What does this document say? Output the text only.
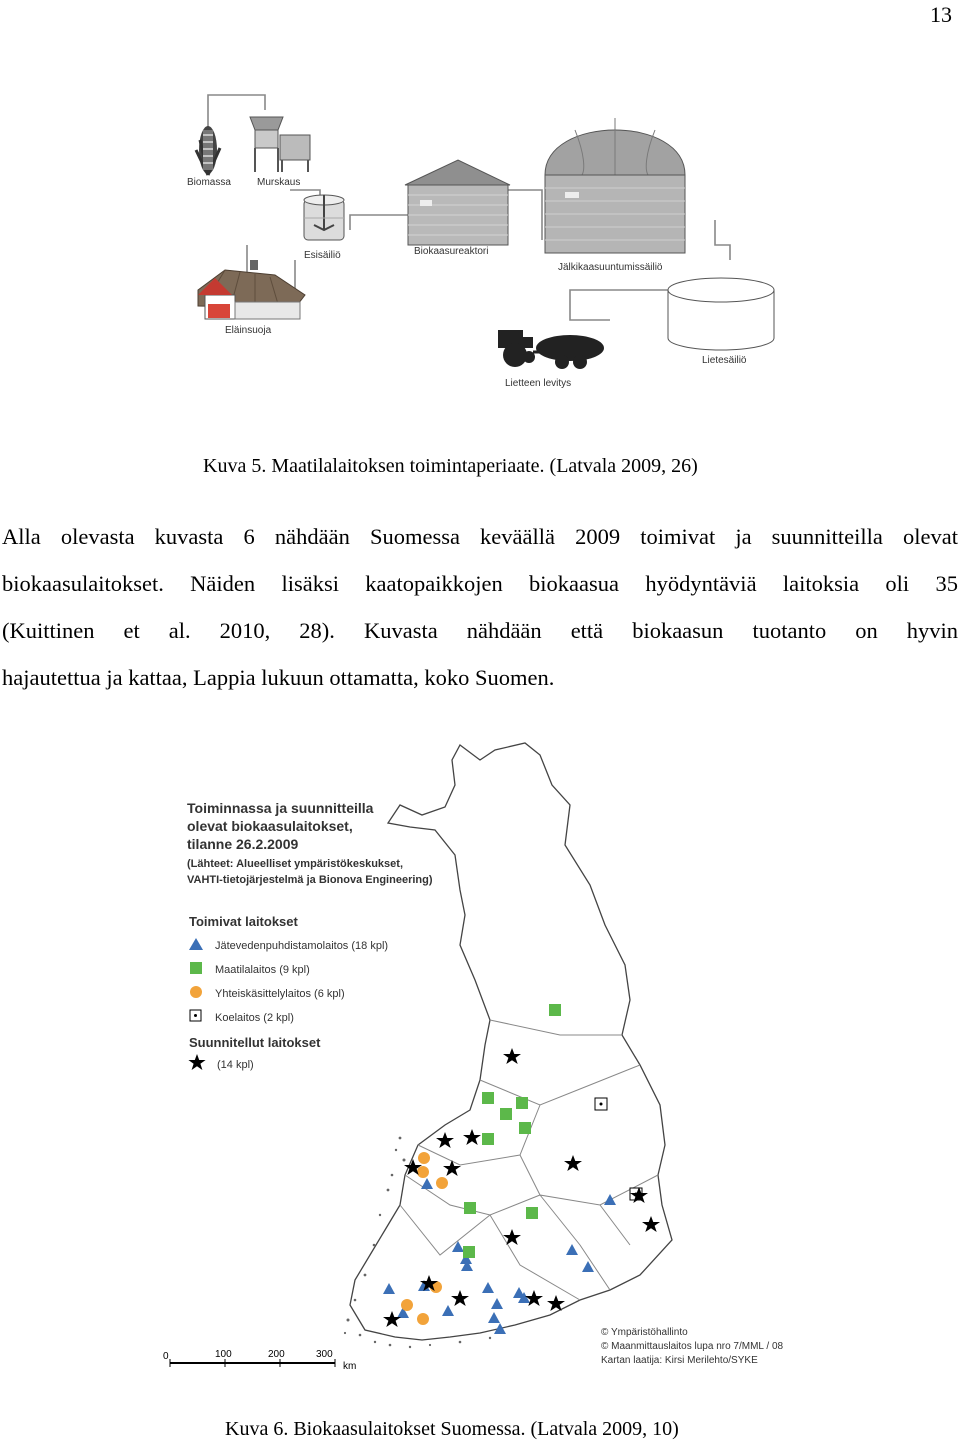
13
Biomassa	Murskaus
Esisäiliö	Biokaasureaktori
Jälkikaasuuntumissäiliö
Eläinsuoja
Lietesäiliö
Lietteen levitys
Kuva 5. Maatilalaitoksen toimintaperiaate. (Latvala 2009, 26)
Alla olevasta kuvasta 6 nähdään Suomessa keväällä 2009 toimivat ja suunnitteilla olevat
biokaasulaitokset. Näiden lisäksi kaatopaikkojen biokaasua hyödyntäviä laitoksia oli 35
(Kuittinen et al. 2010, 28). Kuvasta nähdään että biokaasun tuotanto on hyvin
hajautettua ja kattaa, Lappia lukuun ottamatta, koko Suomen.
0	100	200	300
km
Toiminnassa ja suunnitteilla
olevat biokaasulaitokset,
tilanne 26.2.2009
(Lähteet: Alueelliset ympäristökeskukset,
VAHTI-tietojärjestelmä ja Bionova Engineering)
Toimivat laitokset
Jätevedenpuhdistamolaitos (18 kpl)
Maatilalaitos (9 kpl)
Yhteiskäsittelylaitos (6 kpl)
Koelaitos (2 kpl)
Suunnitellut laitokset
(14 kpl)
© Ympäristöhallinto
© Maanmittauslaitos lupa nro 7/MML / 08
Kartan laatija: Kirsi Merilehto/SYKE
Kuva 6. Biokaasulaitokset Suomessa. (Latvala 2009, 10)
